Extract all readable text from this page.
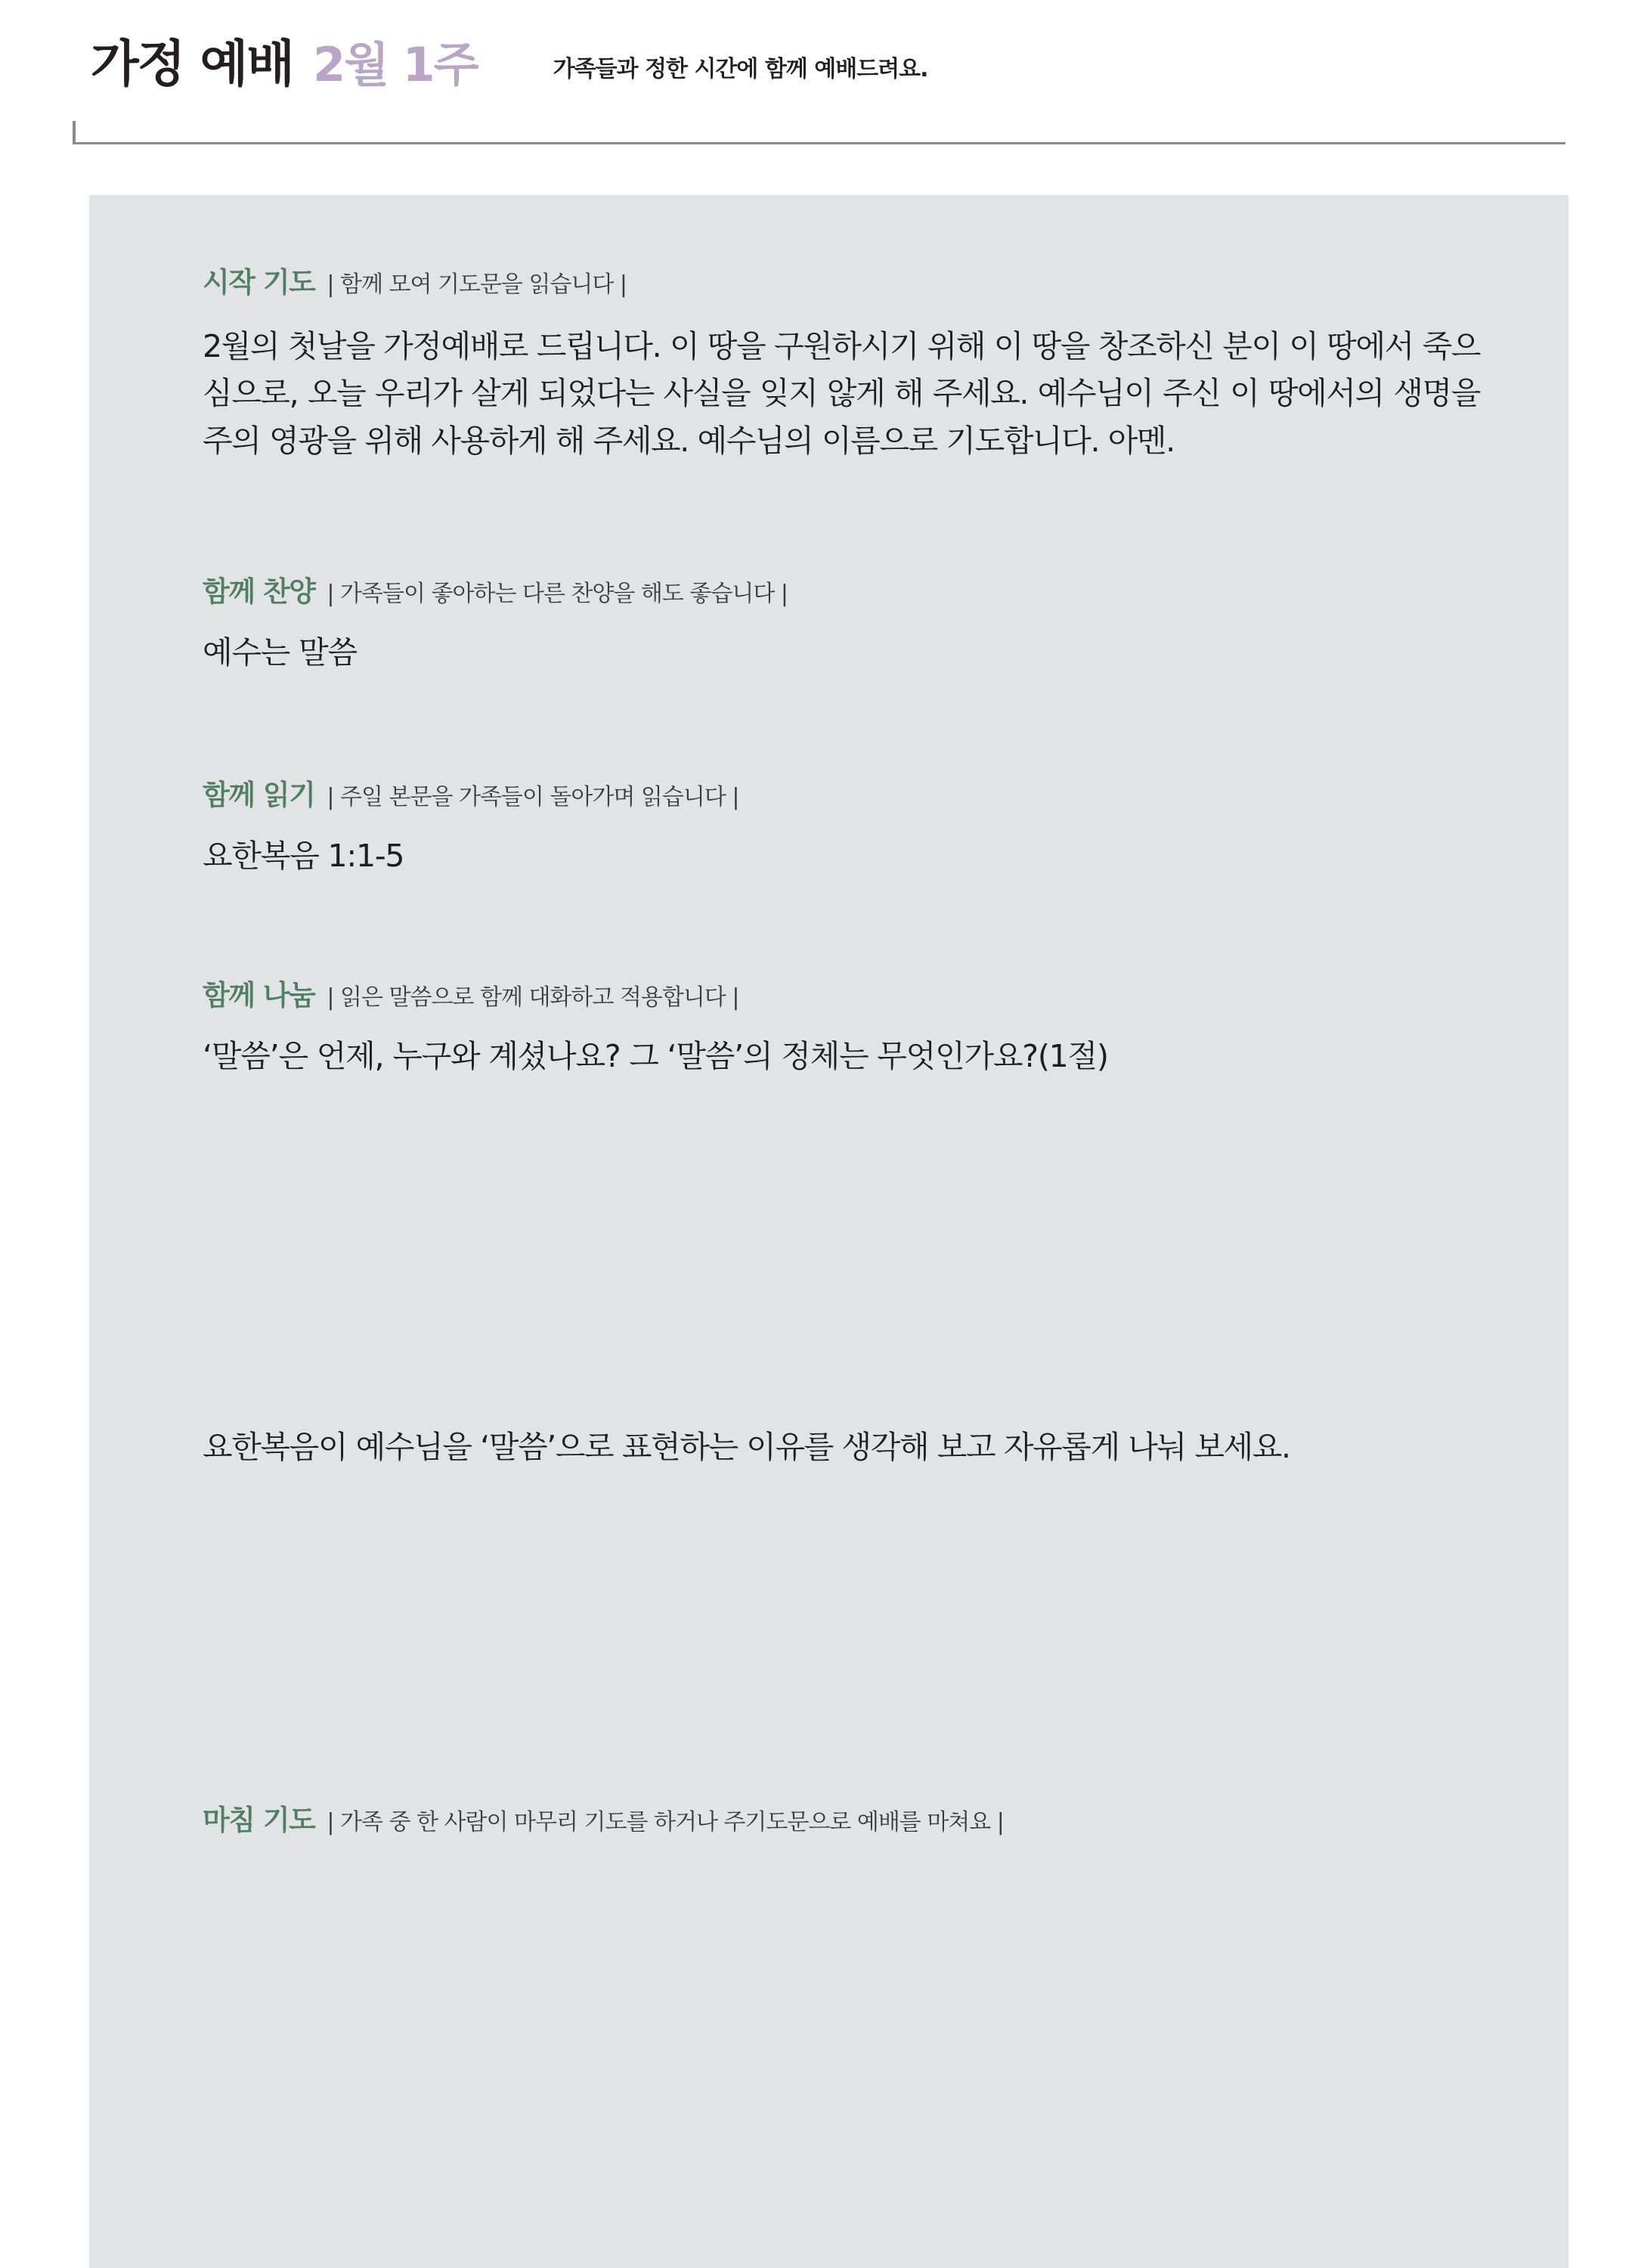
가정 예배 2월 1주	가족들과 정한 시간에 함께 예배드려요.
시작 기도 | 함께 모여 기도문을 읽습니다 |
2월의 첫날을 가정예배로 드립니다. 이 땅을 구원하시기 위해 이 땅을 창조하신 분이 이 땅에서 죽으심으로, 오늘 우리가 살게 되었다는 사실을 잊지 않게 해 주세요. 예수님이 주신 이 땅에서의 생명을 주의 영광을 위해 사용하게 해 주세요. 예수님의 이름으로 기도합니다. 아멘.
함께 찬양 | 가족들이 좋아하는 다른 찬양을 해도 좋습니다 |
예수는 말씀
함께 읽기 | 주일 본문을 가족들이 돌아가며 읽습니다 |
요한복음 1:1-5
함께 나눔 | 읽은 말씀으로 함께 대화하고 적용합니다 |
‘말씀’은 언제, 누구와 계셨나요? 그 ‘말씀’의 정체는 무엇인가요?(1절)
요한복음이 예수님을 ‘말씀’으로 표현하는 이유를 생각해 보고 자유롭게 나눠 보세요.
마침 기도 | 가족 중 한 사람이 마무리 기도를 하거나 주기도문으로 예배를 마쳐요 |
